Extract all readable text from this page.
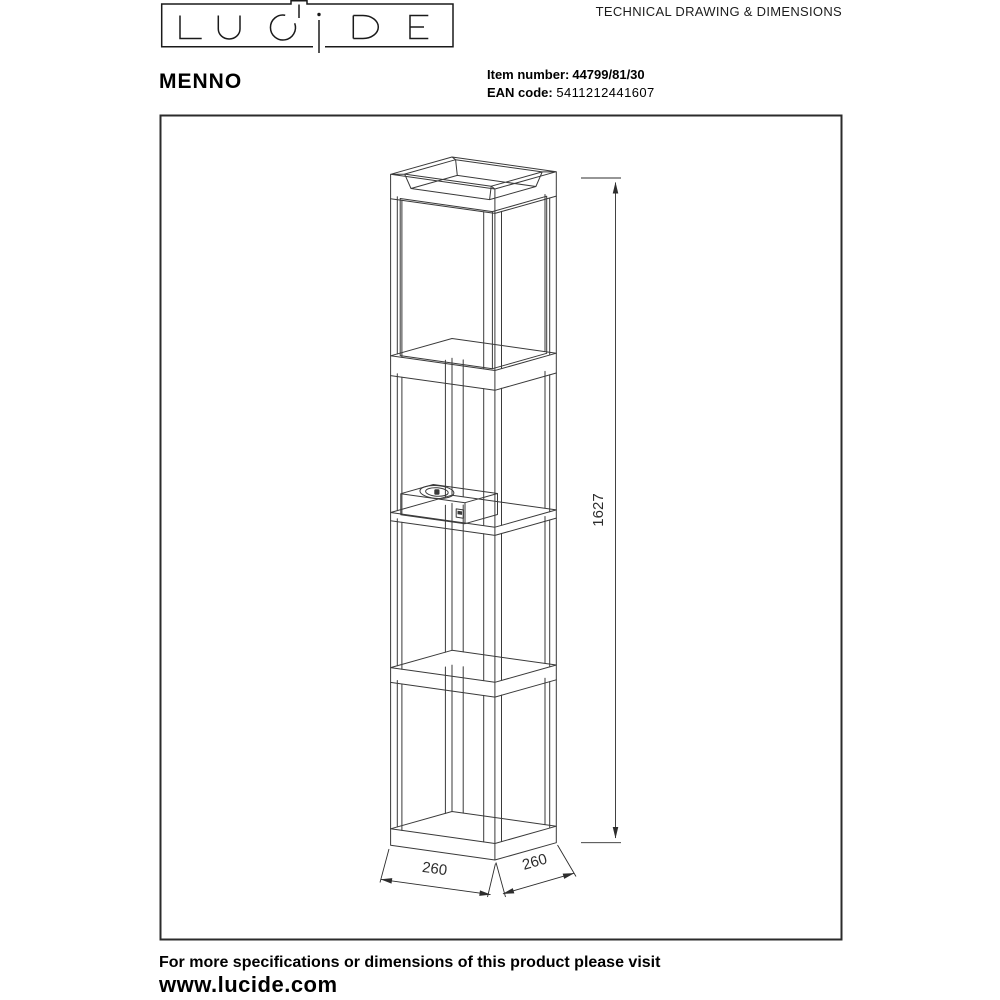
1627
260	260
TECHNICAL DRAWING & DIMENSIONS
MENNO	Item number: 44799/81/30
EAN code: 5411212441607
For more specifications or dimensions of this product please visit
www.lucide.com
